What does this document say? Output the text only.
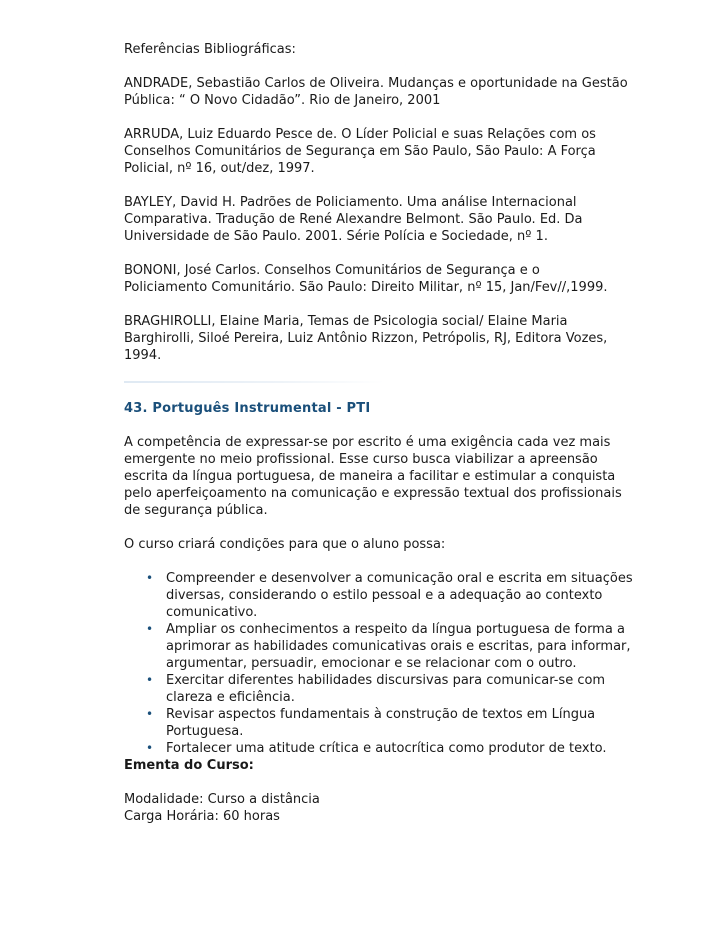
Referências Bibliográficas:
ANDRADE, Sebastião Carlos de Oliveira. Mudanças e oportunidade na Gestão
Pública: “ O Novo Cidadão”. Rio de Janeiro, 2001
ARRUDA, Luiz Eduardo Pesce de. O Líder Policial e suas Relações com os
Conselhos Comunitários de Segurança em São Paulo, São Paulo: A Força
Policial, nº 16, out/dez, 1997.
BAYLEY, David H. Padrões de Policiamento. Uma análise Internacional
Comparativa. Tradução de René Alexandre Belmont. São Paulo. Ed. Da
Universidade de São Paulo. 2001. Série Polícia e Sociedade, nº 1.
BONONI, José Carlos. Conselhos Comunitários de Segurança e o
Policiamento Comunitário. São Paulo: Direito Militar, nº 15, Jan/Fev//,1999.
BRAGHIROLLI, Elaine Maria, Temas de Psicologia social/ Elaine Maria
Barghirolli, Siloé Pereira, Luiz Antônio Rizzon, Petrópolis, RJ, Editora Vozes,
1994.
43. Português Instrumental - PTI
A competência de expressar-se por escrito é uma exigência cada vez mais
emergente no meio profissional. Esse curso busca viabilizar a apreensão
escrita da língua portuguesa, de maneira a facilitar e estimular a conquista
pelo aperfeiçoamento na comunicação e expressão textual dos profissionais
de segurança pública.
O curso criará condições para que o aluno possa:
• Compreender e desenvolver a comunicação oral e escrita em situações
diversas, considerando o estilo pessoal e a adequação ao contexto
comunicativo.
• Ampliar os conhecimentos a respeito da língua portuguesa de forma a
aprimorar as habilidades comunicativas orais e escritas, para informar,
argumentar, persuadir, emocionar e se relacionar com o outro.
• Exercitar diferentes habilidades discursivas para comunicar-se com
clareza e eficiência.
• Revisar aspectos fundamentais à construção de textos em Língua
Portuguesa.
• Fortalecer uma atitude crítica e autocrítica como produtor de texto.
Ementa do Curso:
Modalidade: Curso a distância
Carga Horária: 60 horas
